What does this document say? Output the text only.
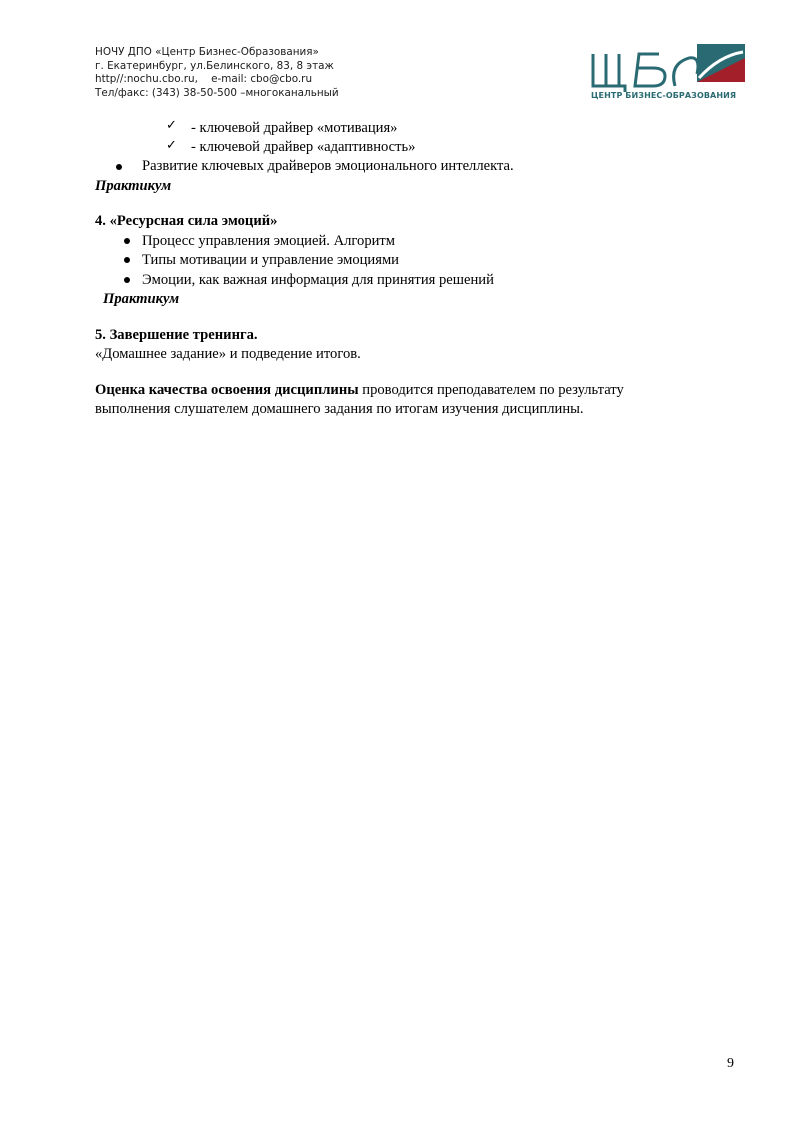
НОЧУ ДПО «Центр Бизнес-Образования»
г. Екатеринбург, ул.Белинского, 83, 8 этаж
http//:nochu.cbo.ru,    e-mail: cbo@cbo.ru
Тел/факс: (343) 38-50-500 –многоканальный	ЦЕНТР БИЗНЕС-ОБРАЗОВАНИЯ
✓ - ключевой драйвер «мотивация»
✓ - ключевой драйвер «адаптивность»
Развитие ключевых драйверов эмоционального интеллекта.
Практикум
4. «Ресурсная сила эмоций»
Процесс управления эмоцией. Алгоритм
Типы мотивации и управление эмоциями
Эмоции, как важная информация для принятия решений
Практикум
5. Завершение тренинга.
«Домашнее задание» и подведение итогов.
Оценка качества освоения дисциплины проводится преподавателем по результату
выполнения слушателем домашнего задания по итогам изучения дисциплины.
9
